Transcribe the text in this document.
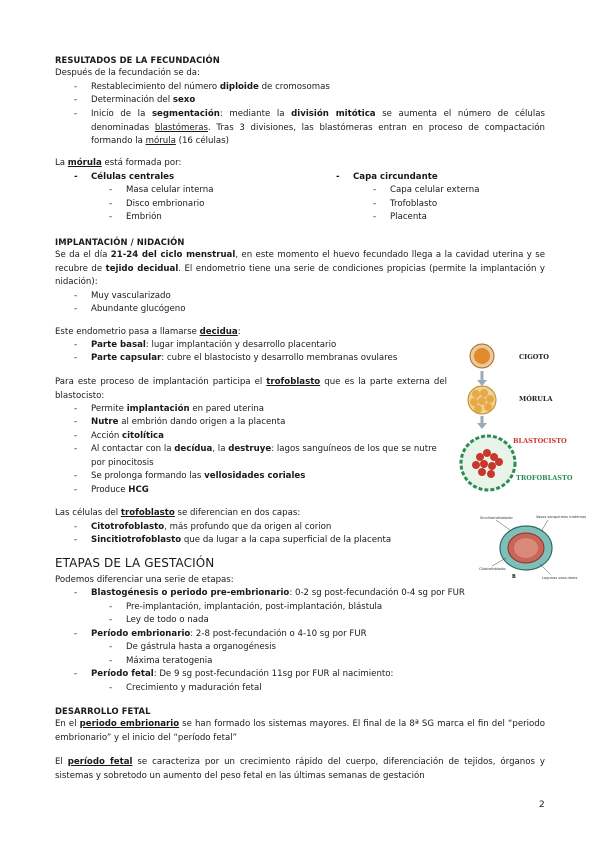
RESULTADOS DE LA FECUNDACIÓN
Después de la fecundación se da:
- Restablecimiento del número diploide de cromosomas
- Determinación del sexo
- Inicio de la segmentación: mediante la división mitótica se aumenta el número de células denominadas blastómeras. Tras 3 divisiones, las blastómeras entran en proceso de compactación formando la mórula (16 células)
La mórula está formada por:
- Células centrales
- Masa celular interna
- Disco embrionario
- Embrión
- Capa circundante
- Capa celular externa
- Trofoblasto
- Placenta
IMPLANTACIÓN / NIDACIÓN
Se da el día 21-24 del ciclo menstrual, en este momento el huevo fecundado llega a la cavidad uterina y se recubre de tejido decidual. El endometrio tiene una serie de condiciones propicias (permite la implantación y nidación):
- Muy vascularizado
- Abundante glucógeno
Este endometrio pasa a llamarse decidua:
- Parte basal: lugar implantación y desarrollo placentario
- Parte capsular: cubre el blastocisto y desarrollo membranas ovulares
Para este proceso de implantación participa el trofoblasto que es la parte externa del blastocisto:
- Permite implantación en pared uterina
- Nutre al embrión dando origen a la placenta
- Acción citolítica
- Al contactar con la decídua, la destruye: lagos sanguíneos de los que se nutre por pinocitosis
- Se prolonga formando las vellosidades coriales
- Produce HCG
Las células del trofoblasto se diferencian en dos capas:
- Citotrofoblasto, más profundo que da origen al corion
- Sincitiotrofoblasto que da lugar a la capa superficial de la placenta
ETAPAS DE LA GESTACIÓN
Podemos diferenciar una serie de etapas:
- Blastogénesis o periodo pre-embrionario: 0-2 sg post-fecundación 0-4 sg por FUR
- Pre-implantación, implantación, post-implantación, blástula
- Ley de todo o nada
- Período embrionario: 2-8 post-fecundación o 4-10 sg por FUR
- De gástrula hasta a organogénesis
- Máxima teratogenia
- Período fetal: De 9 sg post-fecundación 11sg por FUR al nacimiento:
- Crecimiento y maduración fetal
DESARROLLO FETAL
En el periodo embrionario se han formado los sistemas mayores. El final de la 8ª SG marca el fin del “periodo embrionario” y el inicio del “período fetal”
El período fetal se caracteriza por un crecimiento rápido del cuerpo, diferenciación de tejidos, órganos y sistemas y sobretodo un aumento del peso fetal en las últimas semanas de gestación
CIGOTO
MÓRULA
BLASTOCISTO
TROFOBLASTO
Sincitiotrofoblasto	Vasos sanguíneos maternos
Citotrofoblasto
Lagunas vasculares
B
2
